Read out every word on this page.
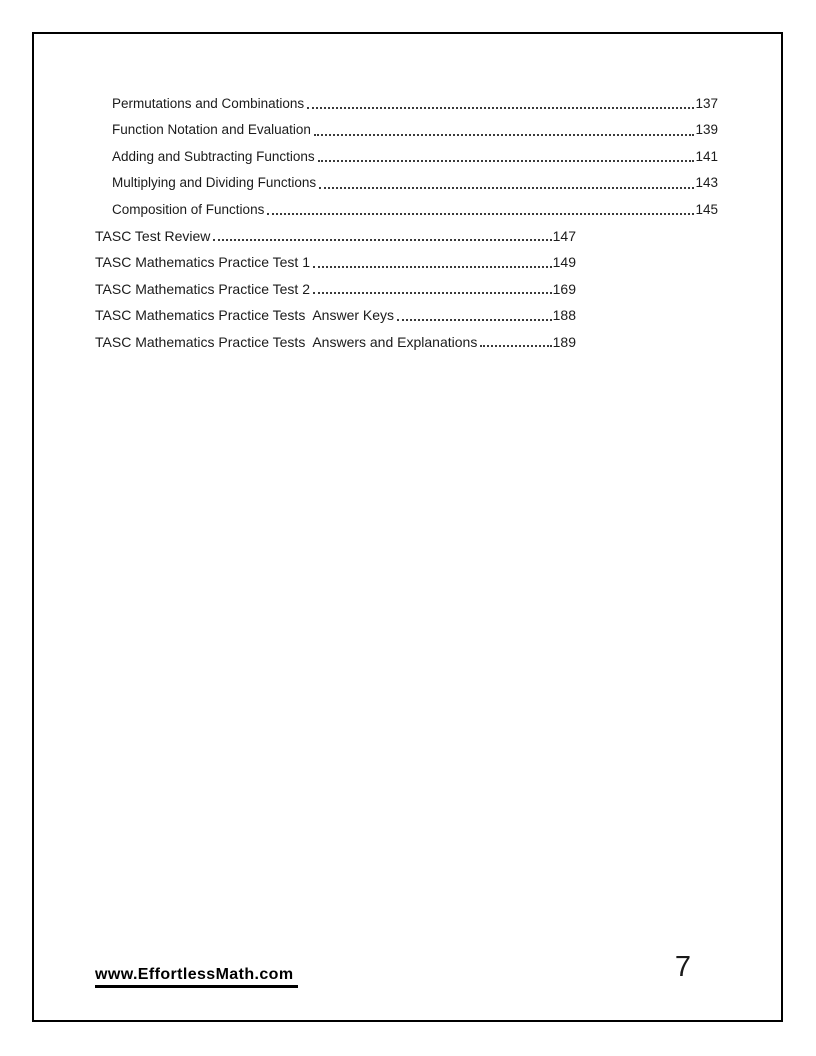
Permutations and Combinations	137
Function Notation and Evaluation	139
Adding and Subtracting Functions	141
Multiplying and Dividing Functions	143
Composition of Functions	145
TASC Test Review	147
TASC Mathematics Practice Test 1	149
TASC Mathematics Practice Test 2	169
TASC Mathematics Practice Tests  Answer Keys	188
TASC Mathematics Practice Tests  Answers and Explanations	189
www.EffortlessMath.com	7
